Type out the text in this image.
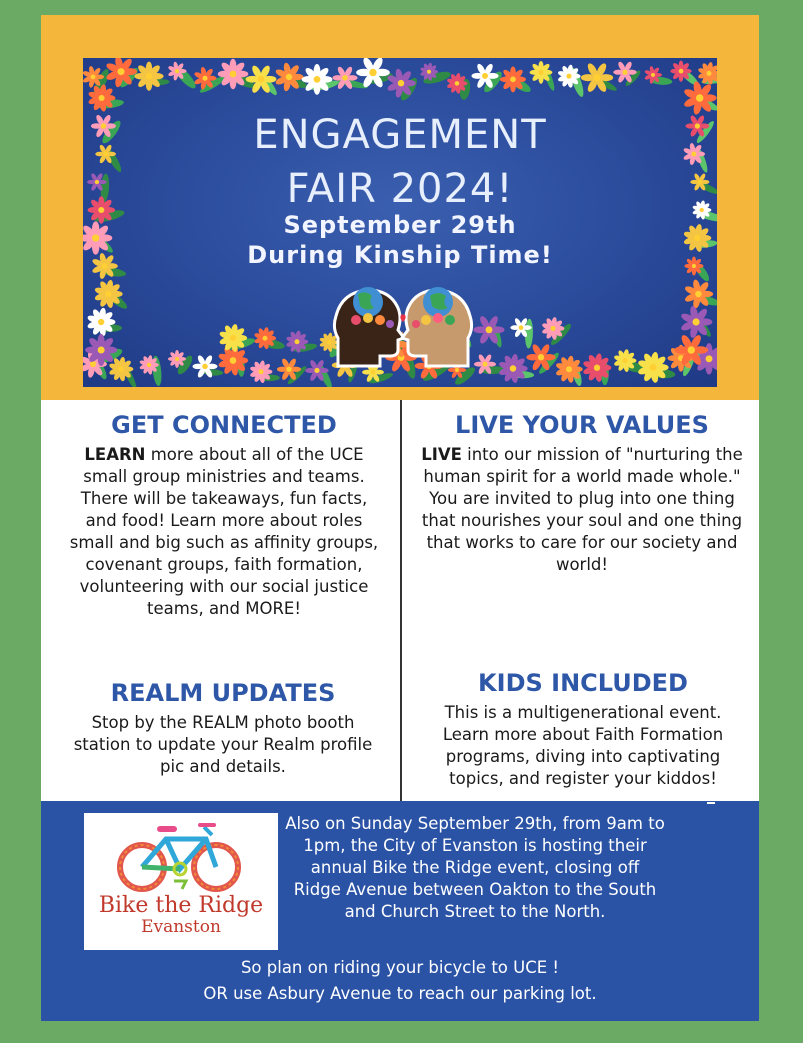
ENGAGEMENT
FAIR 2024!
September 29th
During Kinship Time!
GET CONNECTED

LEARN more about all of the UCE small group ministries and teams. There will be takeaways, fun facts, and food! Learn more about roles small and big such as affinity groups, covenant groups, faith formation, volunteering with our social justice teams, and MORE!

LIVE YOUR VALUES

LIVE into our mission of "nurturing the human spirit for a world made whole." You are invited to plug into one thing that nourishes your soul and one thing that works to care for our society and world!

REALM UPDATES

Stop by the REALM photo booth station to update your Realm profile pic and details.

KIDS INCLUDED

This is a multigenerational event. Learn more about Faith Formation programs, diving into captivating topics, and register your kiddos!

Bike the Ridge
Evanston
Also on Sunday September 29th, from 9am to 1pm, the City of Evanston is hosting their annual Bike the Ridge event, closing off Ridge Avenue between Oakton to the South and Church Street to the North.
So plan on riding your bicycle to UCE !
OR use Asbury Avenue to reach our parking lot.
